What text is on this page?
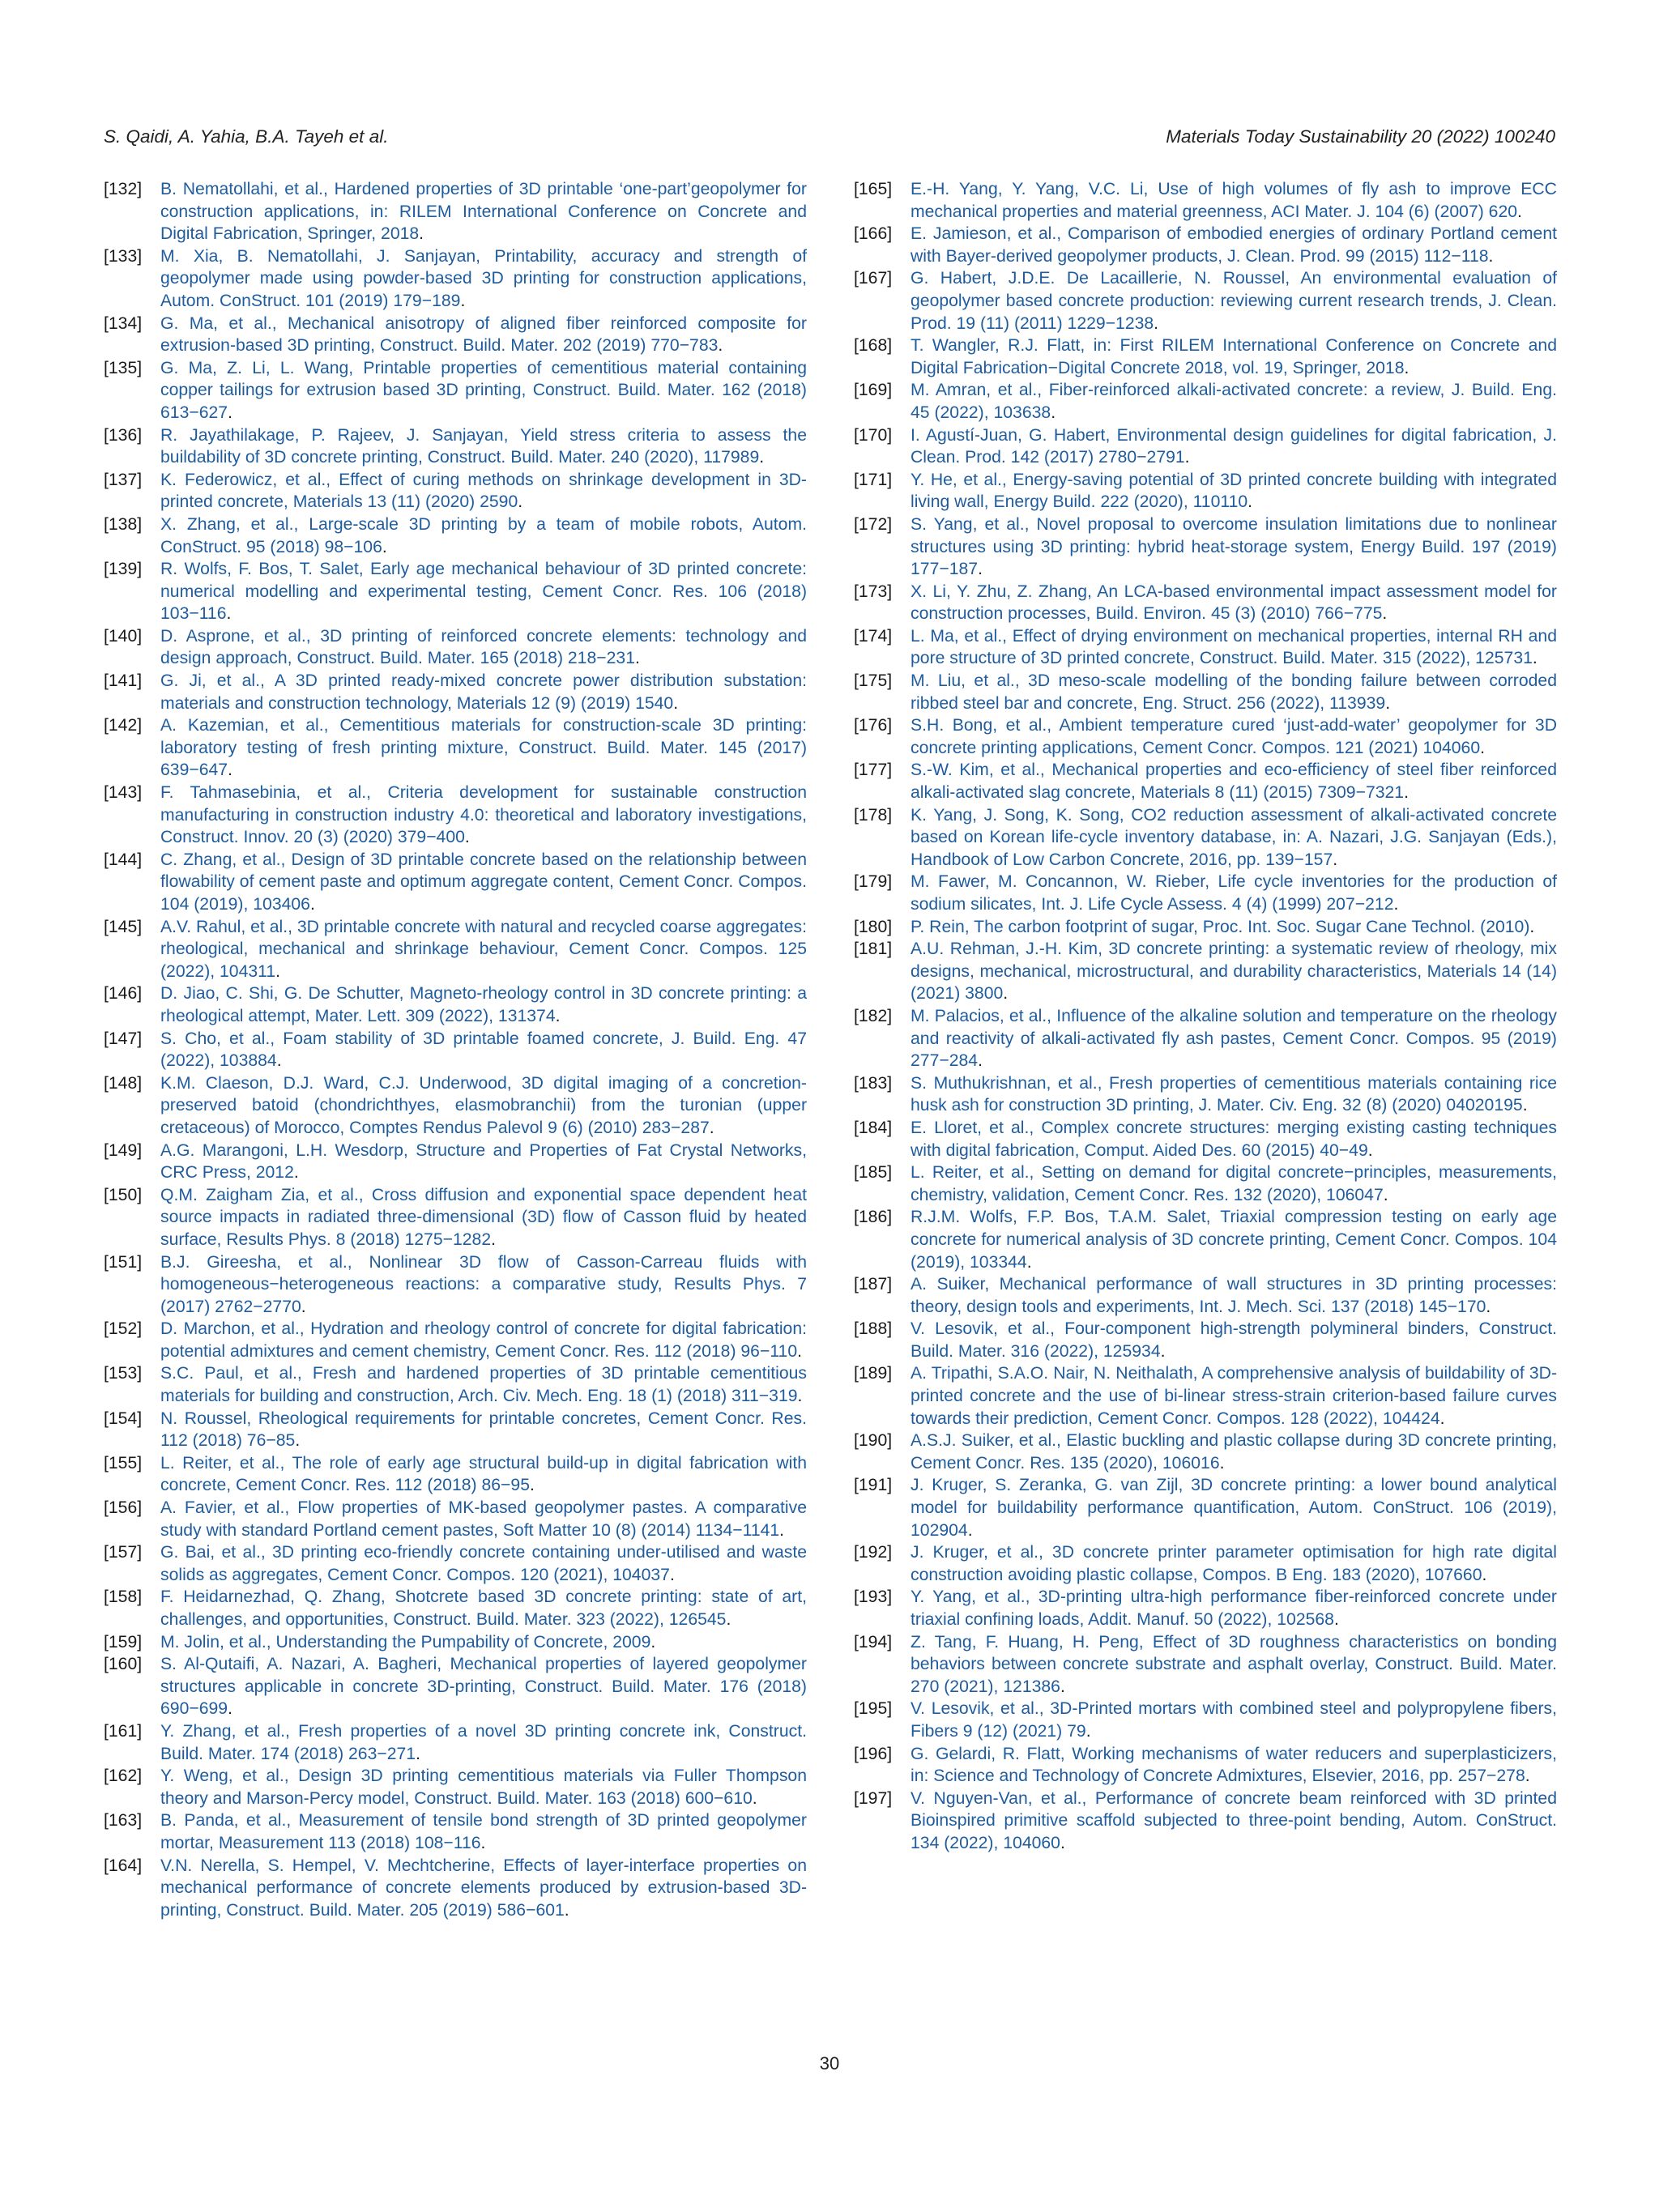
S. Qaidi, A. Yahia, B.A. Tayeh et al.	Materials Today Sustainability 20 (2022) 100240
[132]	B. Nematollahi, et al., Hardened properties of 3D printable ‘one-part’geopolymer for construction applications, in: RILEM International Conference on Concrete and Digital Fabrication, Springer, 2018.
[133]	M. Xia, B. Nematollahi, J. Sanjayan, Printability, accuracy and strength of geopolymer made using powder-based 3D printing for construction applications, Autom. ConStruct. 101 (2019) 179−189.
[134]	G. Ma, et al., Mechanical anisotropy of aligned fiber reinforced composite for extrusion-based 3D printing, Construct. Build. Mater. 202 (2019) 770−783.
[135]	G. Ma, Z. Li, L. Wang, Printable properties of cementitious material containing copper tailings for extrusion based 3D printing, Construct. Build. Mater. 162 (2018) 613−627.
[136]	R. Jayathilakage, P. Rajeev, J. Sanjayan, Yield stress criteria to assess the buildability of 3D concrete printing, Construct. Build. Mater. 240 (2020), 117989.
[137]	K. Federowicz, et al., Effect of curing methods on shrinkage development in 3D-printed concrete, Materials 13 (11) (2020) 2590.
[138]	X. Zhang, et al., Large-scale 3D printing by a team of mobile robots, Autom. ConStruct. 95 (2018) 98−106.
[139]	R. Wolfs, F. Bos, T. Salet, Early age mechanical behaviour of 3D printed concrete: numerical modelling and experimental testing, Cement Concr. Res. 106 (2018) 103−116.
[140]	D. Asprone, et al., 3D printing of reinforced concrete elements: technology and design approach, Construct. Build. Mater. 165 (2018) 218−231.
[141]	G. Ji, et al., A 3D printed ready-mixed concrete power distribution substation: materials and construction technology, Materials 12 (9) (2019) 1540.
[142]	A. Kazemian, et al., Cementitious materials for construction-scale 3D printing: laboratory testing of fresh printing mixture, Construct. Build. Mater. 145 (2017) 639−647.
[143]	F. Tahmasebinia, et al., Criteria development for sustainable construction manufacturing in construction industry 4.0: theoretical and laboratory investigations, Construct. Innov. 20 (3) (2020) 379−400.
[144]	C. Zhang, et al., Design of 3D printable concrete based on the relationship between flowability of cement paste and optimum aggregate content, Cement Concr. Compos. 104 (2019), 103406.
[145]	A.V. Rahul, et al., 3D printable concrete with natural and recycled coarse aggregates: rheological, mechanical and shrinkage behaviour, Cement Concr. Compos. 125 (2022), 104311.
[146]	D. Jiao, C. Shi, G. De Schutter, Magneto-rheology control in 3D concrete printing: a rheological attempt, Mater. Lett. 309 (2022), 131374.
[147]	S. Cho, et al., Foam stability of 3D printable foamed concrete, J. Build. Eng. 47 (2022), 103884.
[148]	K.M. Claeson, D.J. Ward, C.J. Underwood, 3D digital imaging of a concretion-preserved batoid (chondrichthyes, elasmobranchii) from the turonian (upper cretaceous) of Morocco, Comptes Rendus Palevol 9 (6) (2010) 283−287.
[149]	A.G. Marangoni, L.H. Wesdorp, Structure and Properties of Fat Crystal Networks, CRC Press, 2012.
[150]	Q.M. Zaigham Zia, et al., Cross diffusion and exponential space dependent heat source impacts in radiated three-dimensional (3D) flow of Casson fluid by heated surface, Results Phys. 8 (2018) 1275−1282.
[151]	B.J. Gireesha, et al., Nonlinear 3D flow of Casson-Carreau fluids with homogeneous−heterogeneous reactions: a comparative study, Results Phys. 7 (2017) 2762−2770.
[152]	D. Marchon, et al., Hydration and rheology control of concrete for digital fabrication: potential admixtures and cement chemistry, Cement Concr. Res. 112 (2018) 96−110.
[153]	S.C. Paul, et al., Fresh and hardened properties of 3D printable cementitious materials for building and construction, Arch. Civ. Mech. Eng. 18 (1) (2018) 311−319.
[154]	N. Roussel, Rheological requirements for printable concretes, Cement Concr. Res. 112 (2018) 76−85.
[155]	L. Reiter, et al., The role of early age structural build-up in digital fabrication with concrete, Cement Concr. Res. 112 (2018) 86−95.
[156]	A. Favier, et al., Flow properties of MK-based geopolymer pastes. A comparative study with standard Portland cement pastes, Soft Matter 10 (8) (2014) 1134−1141.
[157]	G. Bai, et al., 3D printing eco-friendly concrete containing under-utilised and waste solids as aggregates, Cement Concr. Compos. 120 (2021), 104037.
[158]	F. Heidarnezhad, Q. Zhang, Shotcrete based 3D concrete printing: state of art, challenges, and opportunities, Construct. Build. Mater. 323 (2022), 126545.
[159]	M. Jolin, et al., Understanding the Pumpability of Concrete, 2009.
[160]	S. Al-Qutaifi, A. Nazari, A. Bagheri, Mechanical properties of layered geopolymer structures applicable in concrete 3D-printing, Construct. Build. Mater. 176 (2018) 690−699.
[161]	Y. Zhang, et al., Fresh properties of a novel 3D printing concrete ink, Construct. Build. Mater. 174 (2018) 263−271.
[162]	Y. Weng, et al., Design 3D printing cementitious materials via Fuller Thompson theory and Marson-Percy model, Construct. Build. Mater. 163 (2018) 600−610.
[163]	B. Panda, et al., Measurement of tensile bond strength of 3D printed geopolymer mortar, Measurement 113 (2018) 108−116.
[164]	V.N. Nerella, S. Hempel, V. Mechtcherine, Effects of layer-interface properties on mechanical performance of concrete elements produced by extrusion-based 3D-printing, Construct. Build. Mater. 205 (2019) 586−601.
[165]	E.-H. Yang, Y. Yang, V.C. Li, Use of high volumes of fly ash to improve ECC mechanical properties and material greenness, ACI Mater. J. 104 (6) (2007) 620.
[166]	E. Jamieson, et al., Comparison of embodied energies of ordinary Portland cement with Bayer-derived geopolymer products, J. Clean. Prod. 99 (2015) 112−118.
[167]	G. Habert, J.D.E. De Lacaillerie, N. Roussel, An environmental evaluation of geopolymer based concrete production: reviewing current research trends, J. Clean. Prod. 19 (11) (2011) 1229−1238.
[168]	T. Wangler, R.J. Flatt, in: First RILEM International Conference on Concrete and Digital Fabrication−Digital Concrete 2018, vol. 19, Springer, 2018.
[169]	M. Amran, et al., Fiber-reinforced alkali-activated concrete: a review, J. Build. Eng. 45 (2022), 103638.
[170]	I. Agustí-Juan, G. Habert, Environmental design guidelines for digital fabrication, J. Clean. Prod. 142 (2017) 2780−2791.
[171]	Y. He, et al., Energy-saving potential of 3D printed concrete building with integrated living wall, Energy Build. 222 (2020), 110110.
[172]	S. Yang, et al., Novel proposal to overcome insulation limitations due to nonlinear structures using 3D printing: hybrid heat-storage system, Energy Build. 197 (2019) 177−187.
[173]	X. Li, Y. Zhu, Z. Zhang, An LCA-based environmental impact assessment model for construction processes, Build. Environ. 45 (3) (2010) 766−775.
[174]	L. Ma, et al., Effect of drying environment on mechanical properties, internal RH and pore structure of 3D printed concrete, Construct. Build. Mater. 315 (2022), 125731.
[175]	M. Liu, et al., 3D meso-scale modelling of the bonding failure between corroded ribbed steel bar and concrete, Eng. Struct. 256 (2022), 113939.
[176]	S.H. Bong, et al., Ambient temperature cured ‘just-add-water’ geopolymer for 3D concrete printing applications, Cement Concr. Compos. 121 (2021) 104060.
[177]	S.-W. Kim, et al., Mechanical properties and eco-efficiency of steel fiber reinforced alkali-activated slag concrete, Materials 8 (11) (2015) 7309−7321.
[178]	K. Yang, J. Song, K. Song, CO2 reduction assessment of alkali-activated concrete based on Korean life-cycle inventory database, in: A. Nazari, J.G. Sanjayan (Eds.), Handbook of Low Carbon Concrete, 2016, pp. 139−157.
[179]	M. Fawer, M. Concannon, W. Rieber, Life cycle inventories for the production of sodium silicates, Int. J. Life Cycle Assess. 4 (4) (1999) 207−212.
[180]	P. Rein, The carbon footprint of sugar, Proc. Int. Soc. Sugar Cane Technol. (2010).
[181]	A.U. Rehman, J.-H. Kim, 3D concrete printing: a systematic review of rheology, mix designs, mechanical, microstructural, and durability characteristics, Materials 14 (14) (2021) 3800.
[182]	M. Palacios, et al., Influence of the alkaline solution and temperature on the rheology and reactivity of alkali-activated fly ash pastes, Cement Concr. Compos. 95 (2019) 277−284.
[183]	S. Muthukrishnan, et al., Fresh properties of cementitious materials containing rice husk ash for construction 3D printing, J. Mater. Civ. Eng. 32 (8) (2020) 04020195.
[184]	E. Lloret, et al., Complex concrete structures: merging existing casting techniques with digital fabrication, Comput. Aided Des. 60 (2015) 40−49.
[185]	L. Reiter, et al., Setting on demand for digital concrete−principles, measurements, chemistry, validation, Cement Concr. Res. 132 (2020), 106047.
[186]	R.J.M. Wolfs, F.P. Bos, T.A.M. Salet, Triaxial compression testing on early age concrete for numerical analysis of 3D concrete printing, Cement Concr. Compos. 104 (2019), 103344.
[187]	A. Suiker, Mechanical performance of wall structures in 3D printing processes: theory, design tools and experiments, Int. J. Mech. Sci. 137 (2018) 145−170.
[188]	V. Lesovik, et al., Four-component high-strength polymineral binders, Construct. Build. Mater. 316 (2022), 125934.
[189]	A. Tripathi, S.A.O. Nair, N. Neithalath, A comprehensive analysis of buildability of 3D-printed concrete and the use of bi-linear stress-strain criterion-based failure curves towards their prediction, Cement Concr. Compos. 128 (2022), 104424.
[190]	A.S.J. Suiker, et al., Elastic buckling and plastic collapse during 3D concrete printing, Cement Concr. Res. 135 (2020), 106016.
[191]	J. Kruger, S. Zeranka, G. van Zijl, 3D concrete printing: a lower bound analytical model for buildability performance quantification, Autom. ConStruct. 106 (2019), 102904.
[192]	J. Kruger, et al., 3D concrete printer parameter optimisation for high rate digital construction avoiding plastic collapse, Compos. B Eng. 183 (2020), 107660.
[193]	Y. Yang, et al., 3D-printing ultra-high performance fiber-reinforced concrete under triaxial confining loads, Addit. Manuf. 50 (2022), 102568.
[194]	Z. Tang, F. Huang, H. Peng, Effect of 3D roughness characteristics on bonding behaviors between concrete substrate and asphalt overlay, Construct. Build. Mater. 270 (2021), 121386.
[195]	V. Lesovik, et al., 3D-Printed mortars with combined steel and polypropylene fibers, Fibers 9 (12) (2021) 79.
[196]	G. Gelardi, R. Flatt, Working mechanisms of water reducers and superplasticizers, in: Science and Technology of Concrete Admixtures, Elsevier, 2016, pp. 257−278.
[197]	V. Nguyen-Van, et al., Performance of concrete beam reinforced with 3D printed Bioinspired primitive scaffold subjected to three-point bending, Autom. ConStruct. 134 (2022), 104060.
30
